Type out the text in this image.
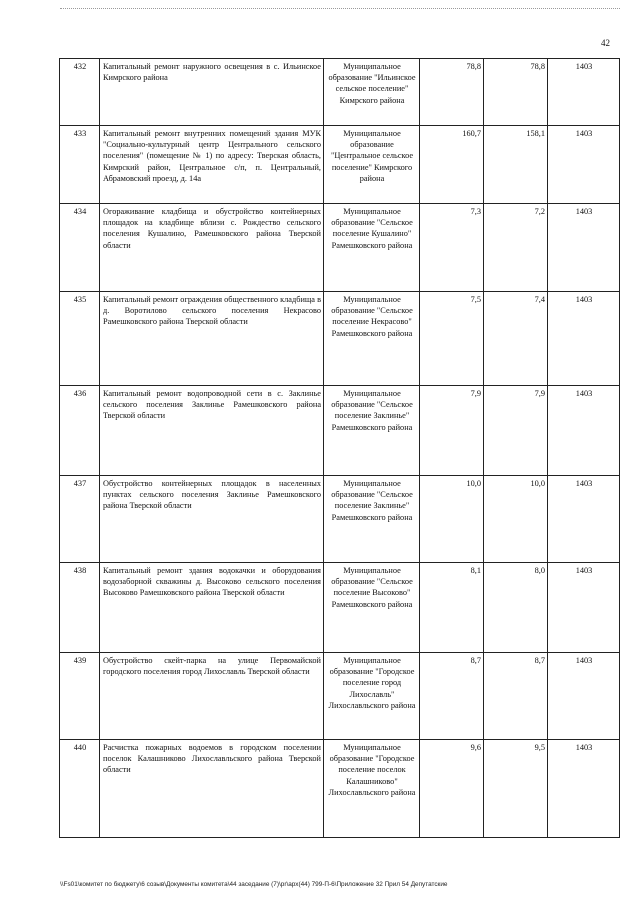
42
432	Капитальный ремонт наружного освещения в с. Ильинское Кимрского района	Муниципальное образование "Ильинское сельское поселение" Кимрского района	78,8	78,8	1403
433	Капитальный ремонт внутренних помещений здания МУК "Социально-культурный центр Центрального сельского поселения" (помещение № 1) по адресу: Тверская область, Кимрский район, Центральное с/п, п. Центральный, Абрамовский проезд, д. 14а	Муниципальное образование "Центральное сельское поселение" Кимрского района	160,7	158,1	1403
434	Огораживание кладбища и обустройство контейнерных площадок на кладбище вблизи с. Рождество сельского поселения Кушалино, Рамешковского района Тверской области	Муниципальное образование "Сельское поселение Кушалино" Рамешковского района	7,3	7,2	1403
435	Капитальный ремонт ограждения общественного кладбища в д. Воротилово сельского поселения Некрасово Рамешковского района Тверской области	Муниципальное образование "Сельское поселение Некрасово" Рамешковского района	7,5	7,4	1403
436	Капитальный ремонт водопроводной сети в с. Заклинье сельского поселения Заклинье Рамешковского района Тверской области	Муниципальное образование "Сельское поселение Заклинье" Рамешковского района	7,9	7,9	1403
437	Обустройство контейнерных площадок в населенных пунктах сельского поселения Заклинье Рамешковского района Тверской области	Муниципальное образование "Сельское поселение Заклинье" Рамешковского района	10,0	10,0	1403
438	Капитальный ремонт здания водокачки и оборудования водозаборной скважины д. Высоково сельского поселения Высоково Рамешковского района Тверской области	Муниципальное образование "Сельское поселение Высоково" Рамешковского района	8,1	8,0	1403
439	Обустройство скейт-парка на улице Первомайской городского поселения город Лихославль Тверской области	Муниципальное образование "Городское поселение город Лихославль" Лихославльского района	8,7	8,7	1403
440	Расчистка пожарных водоемов в городском поселении поселок Калашниково Лихославльского района Тверской области	Муниципальное образование "Городское поселение поселок Калашниково" Лихославльского района	9,6	9,5	1403
\\Fs01\комитет по бюджету\6 созыв\Документы комитета\44 заседание (7)\pr\арх(44) 799-П-6\Приложение 32 Прил 54 Депутатские
